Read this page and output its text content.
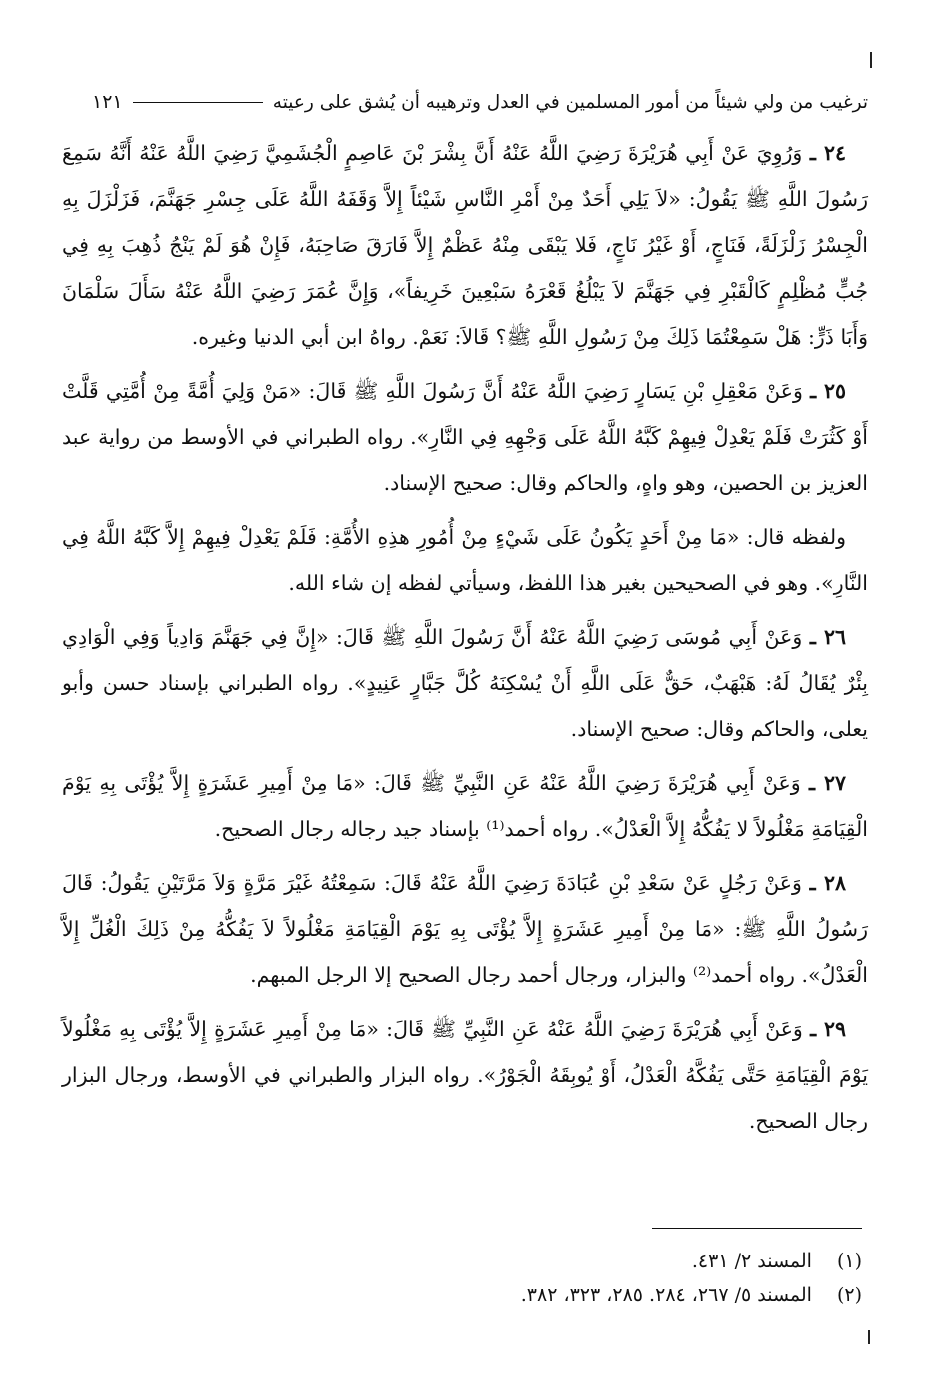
ترغيب من ولي شيئاً من أمور المسلمين في العدل وترهيبه أن يُشق على رعيته
١٢١

٢٤ ـ وَرُوِيَ عَنْ أَبِي هُرَيْرَةَ رَضِيَ اللَّهُ عَنْهُ أَنَّ بِشْرَ بْنَ عَاصِمٍ الْجُشَمِيَّ رَضِيَ اللَّهُ عَنْهُ أَنَّهُ سَمِعَ رَسُولَ اللَّهِ ﷺ يَقُولُ: «لاَ يَلِي أَحَدٌ مِنْ أَمْرِ النَّاسِ شَيْئاً إِلاَّ وَقَفَهُ اللَّهُ عَلَى جِسْرِ جَهَنَّمَ، فَزَلْزَلَ بِهِ الْجِسْرُ زَلْزَلَةً، فَنَاجٍ، أَوْ غَيْرُ نَاجٍ، فَلا يَبْقَى مِنْهُ عَظْمٌ إِلاَّ فَارَقَ صَاحِبَهُ، فَإِنْ هُوَ لَمْ يَنْجُ ذُهِبَ بِهِ فِي جُبٍّ مُظْلِمٍ كَالْقَبْرِ فِي جَهَنَّمَ لاَ يَبْلُغُ قَعْرَهُ سَبْعِينَ خَرِيفاً»، وَإِنَّ عُمَرَ رَضِيَ اللَّهُ عَنْهُ سَأَلَ سَلْمَانَ وَأَبَا ذَرٍّ: هَلْ سَمِعْتُمَا ذَلِكَ مِنْ رَسُولِ اللَّهِ ﷺ؟ قَالاَ: نَعَمْ. رواهُ ابن أبي الدنيا وغيره.

٢٥ ـ وَعَنْ مَعْقِلِ بْنِ يَسَارٍ رَضِيَ اللَّهُ عَنْهُ أَنَّ رَسُولَ اللَّهِ ﷺ قَالَ: «مَنْ وَلِيَ أُمَّةً مِنْ أُمَّتِي قَلَّتْ أَوْ كَثُرَتْ فَلَمْ يَعْدِلْ فِيهِمْ كَبَّهُ اللَّهُ عَلَى وَجْهِهِ فِي النَّارِ». رواه الطبراني في الأوسط من رواية عبد العزيز بن الحصين، وهو واهٍ، والحاكم وقال: صحيح الإسناد.

ولفظه قال: «مَا مِنْ أَحَدٍ يَكُونُ عَلَى شَيْءٍ مِنْ أُمُورِ هذِهِ الأُمَّةِ: فَلَمْ يَعْدِلْ فِيهِمْ إِلاَّ كَبَّهُ اللَّهُ فِي النَّارِ». وهو في الصحيحين بغير هذا اللفظ، وسيأتي لفظه إن شاء الله.

٢٦ ـ وَعَنْ أَبِي مُوسَى رَضِيَ اللَّهُ عَنْهُ أَنَّ رَسُولَ اللَّهِ ﷺ قَالَ: «إِنَّ فِي جَهَنَّمَ وَادِياً وَفِي الْوَادِي بِئْرٌ يُقَالُ لَهُ: هَبْهَبٌ، حَقٌّ عَلَى اللَّهِ أَنْ يُسْكِنَهُ كُلَّ جَبَّارٍ عَنِيدٍ». رواه الطبراني بإسناد حسن وأبو يعلى، والحاكم وقال: صحيح الإسناد.

٢٧ ـ وَعَنْ أَبِي هُرَيْرَةَ رَضِيَ اللَّهُ عَنْهُ عَنِ النَّبِيِّ ﷺ قَالَ: «مَا مِنْ أَمِيرِ عَشَرَةٍ إِلاَّ يُؤْتَى بِهِ يَوْمَ الْقِيَامَةِ مَغْلُولاً لا يَفُكُّهُ إِلاَّ الْعَدْلُ». رواه أحمد⁽¹⁾ بإسناد جيد رجاله رجال الصحيح.

٢٨ ـ وَعَنْ رَجُلٍ عَنْ سَعْدِ بْنِ عُبَادَةَ رَضِيَ اللَّهُ عَنْهُ قَالَ: سَمِعْتُهُ غَيْرَ مَرَّةٍ وَلاَ مَرَّتَيْنِ يَقُولُ: قَالَ رَسُولُ اللَّهِ ﷺ: «مَا مِنْ أَمِيرِ عَشَرَةٍ إِلاَّ يُؤْتَى بِهِ يَوْمَ الْقِيَامَةِ مَغْلُولاً لاَ يَفُكُّهُ مِنْ ذَلِكَ الْغُلِّ إِلاَّ الْعَدْلُ». رواه أحمد⁽²⁾ والبزار، ورجال أحمد رجال الصحيح إلا الرجل المبهم.

٢٩ ـ وَعَنْ أَبِي هُرَيْرَةَ رَضِيَ اللَّهُ عَنْهُ عَنِ النَّبِيِّ ﷺ قَالَ: «مَا مِنْ أَمِيرِ عَشَرَةٍ إِلاَّ يُؤْتَى بِهِ مَغْلُولاً يَوْمَ الْقِيَامَةِ حَتَّى يَفُكَّهُ الْعَدْلُ، أَوْ يُوبِقَهُ الْجَوْرُ». رواه البزار والطبراني في الأوسط، ورجال البزار رجال الصحيح.

(١) المسند ٢/ ٤٣١.
(٢) المسند ٥/ ٢٦٧، ٢٨٤. ٢٨٥، ٣٢٣، ٣٨٢.
